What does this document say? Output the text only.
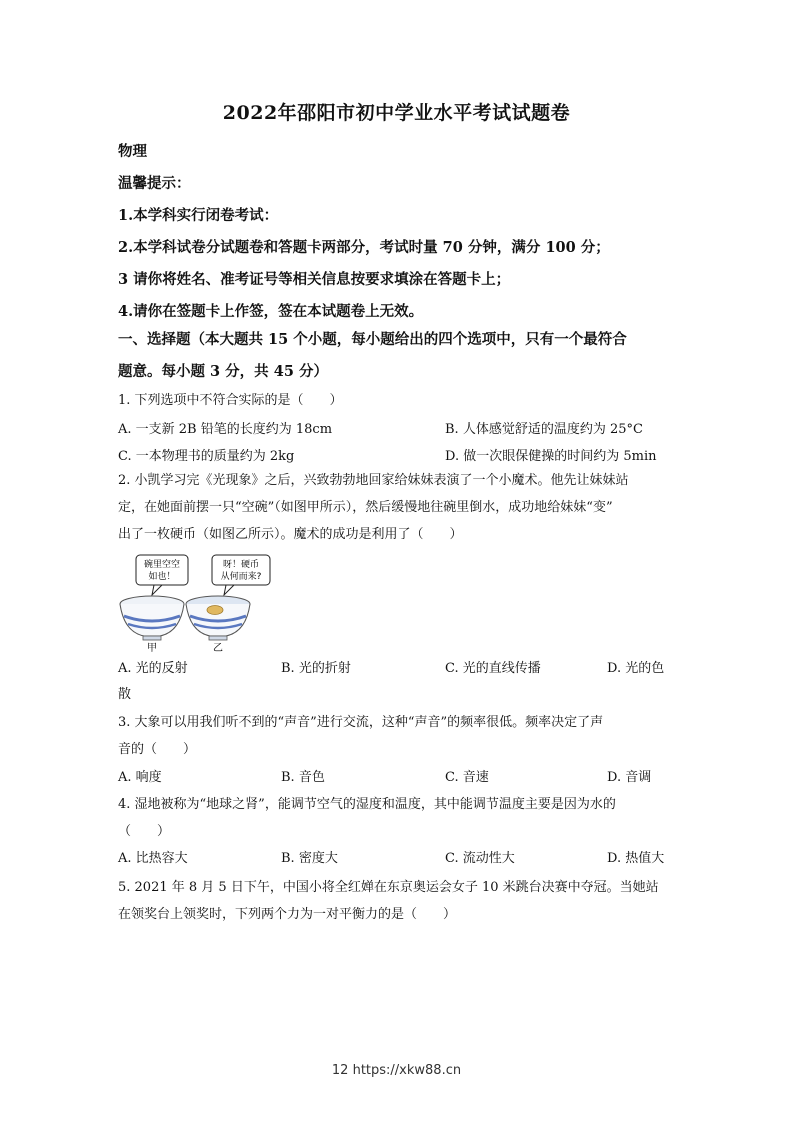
2022年邵阳市初中学业水平考试试题卷
物理
温馨提示：
1.本学科实行闭卷考试：
2.本学科试卷分试题卷和答题卡两部分，考试时量 70 分钟，满分 100 分；
3 请你将姓名、准考证号等相关信息按要求填涂在答题卡上；
4.请你在签题卡上作签，签在本试题卷上无效。
一、选择题（本大题共 15 个小题，每小题给出的四个选项中，只有一个最符合
题意。每小题 3 分，共 45 分）
1. 下列选项中不符合实际的是（　　）
A. 一支新 2B 铅笔的长度约为 18cm	B. 人体感觉舒适的温度约为 25°C
C. 一本物理书的质量约为 2kg	D. 做一次眼保健操的时间约为 5min
2. 小凯学习完《光现象》之后，兴致勃勃地回家给妹妹表演了一个小魔术。他先让妹妹站
定，在她面前摆一只“空碗”（如图甲所示），然后缓慢地往碗里倒水，成功地给妹妹“变”
出了一枚硬币（如图乙所示）。魔术的成功是利用了（　　）
碗里空空
如也！
呀！硬币
从何而来?
甲	乙
A. 光的反射	B. 光的折射	C. 光的直线传播	D. 光的色
散
3. 大象可以用我们听不到的“声音”进行交流，这种“声音”的频率很低。频率决定了声
音的（　　）
A. 响度	B. 音色	C. 音速	D. 音调
4. 湿地被称为“地球之肾”，能调节空气的湿度和温度，其中能调节温度主要是因为水的
（　　）
A. 比热容大	B. 密度大	C. 流动性大	D. 热值大
5. 2021 年 8 月 5 日下午，中国小将全红婵在东京奥运会女子 10 米跳台决赛中夺冠。当她站
在领奖台上领奖时，下列两个力为一对平衡力的是（　　）
12 https://xkw88.cn
